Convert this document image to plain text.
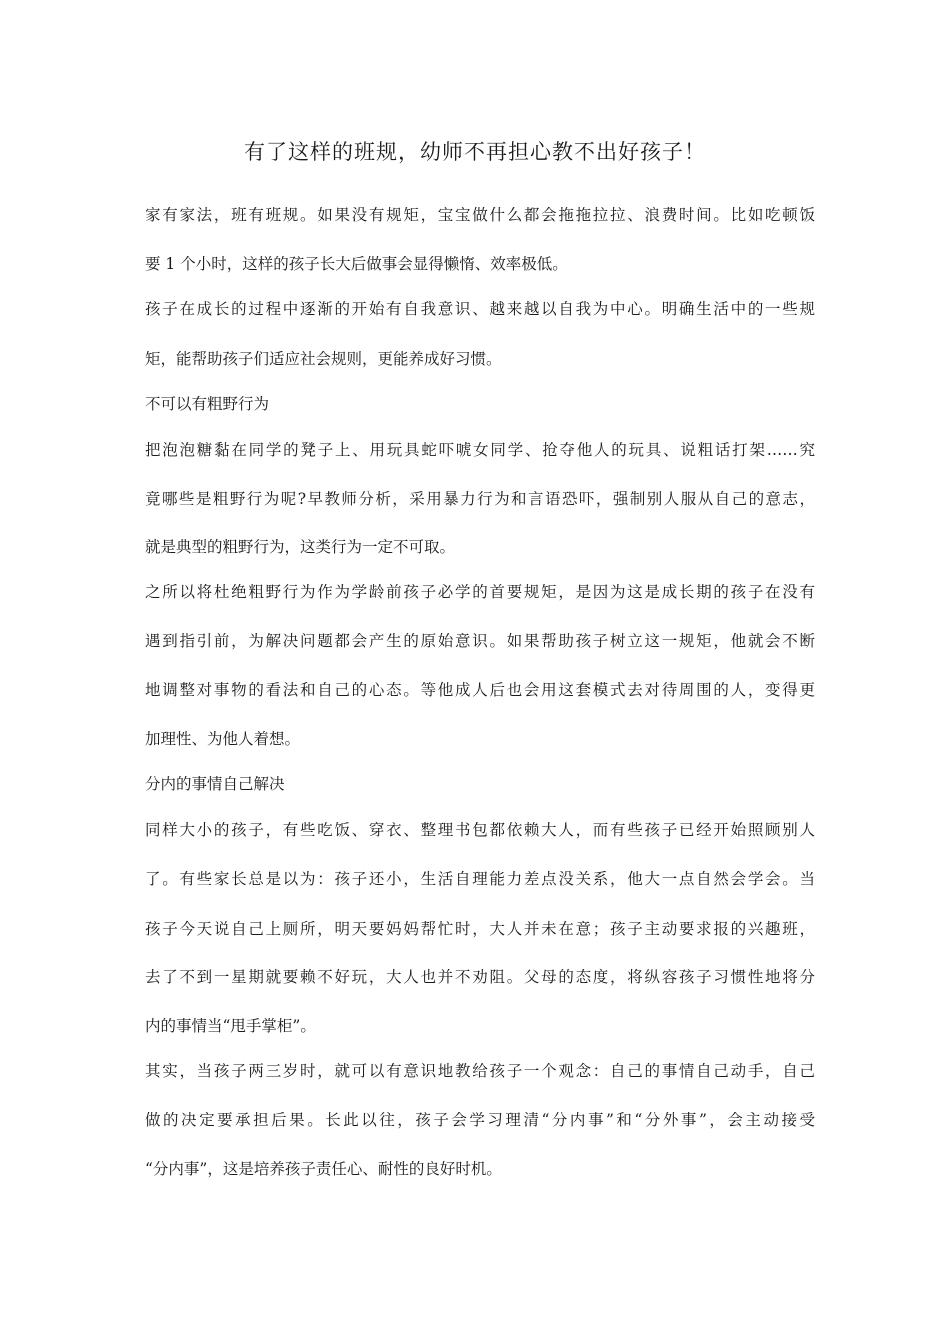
有了这样的班规，幼师不再担心教不出好孩子！

家有家法，班有班规。如果没有规矩，宝宝做什么都会拖拖拉拉、浪费时间。比如吃顿饭

要 1 个小时，这样的孩子长大后做事会显得懒惰、效率极低。

孩子在成长的过程中逐渐的开始有自我意识、越来越以自我为中心。明确生活中的一些规

矩，能帮助孩子们适应社会规则，更能养成好习惯。

不可以有粗野行为

把泡泡糖黏在同学的凳子上、用玩具蛇吓唬女同学、抢夺他人的玩具、说粗话打架……究

竟哪些是粗野行为呢?早教师分析，采用暴力行为和言语恐吓，强制别人服从自己的意志，

就是典型的粗野行为，这类行为一定不可取。

之所以将杜绝粗野行为作为学龄前孩子必学的首要规矩，是因为这是成长期的孩子在没有

遇到指引前，为解决问题都会产生的原始意识。如果帮助孩子树立这一规矩，他就会不断

地调整对事物的看法和自己的心态。等他成人后也会用这套模式去对待周围的人，变得更

加理性、为他人着想。

分内的事情自己解决

同样大小的孩子，有些吃饭、穿衣、整理书包都依赖大人，而有些孩子已经开始照顾别人

了。有些家长总是以为：孩子还小，生活自理能力差点没关系，他大一点自然会学会。当

孩子今天说自己上厕所，明天要妈妈帮忙时，大人并未在意；孩子主动要求报的兴趣班，

去了不到一星期就要赖不好玩，大人也并不劝阻。父母的态度，将纵容孩子习惯性地将分

内的事情当“甩手掌柜”。

其实，当孩子两三岁时，就可以有意识地教给孩子一个观念：自己的事情自己动手，自己

做的决定要承担后果。长此以往，孩子会学习理清“分内事”和“分外事”，会主动接受

“分内事”，这是培养孩子责任心、耐性的良好时机。
